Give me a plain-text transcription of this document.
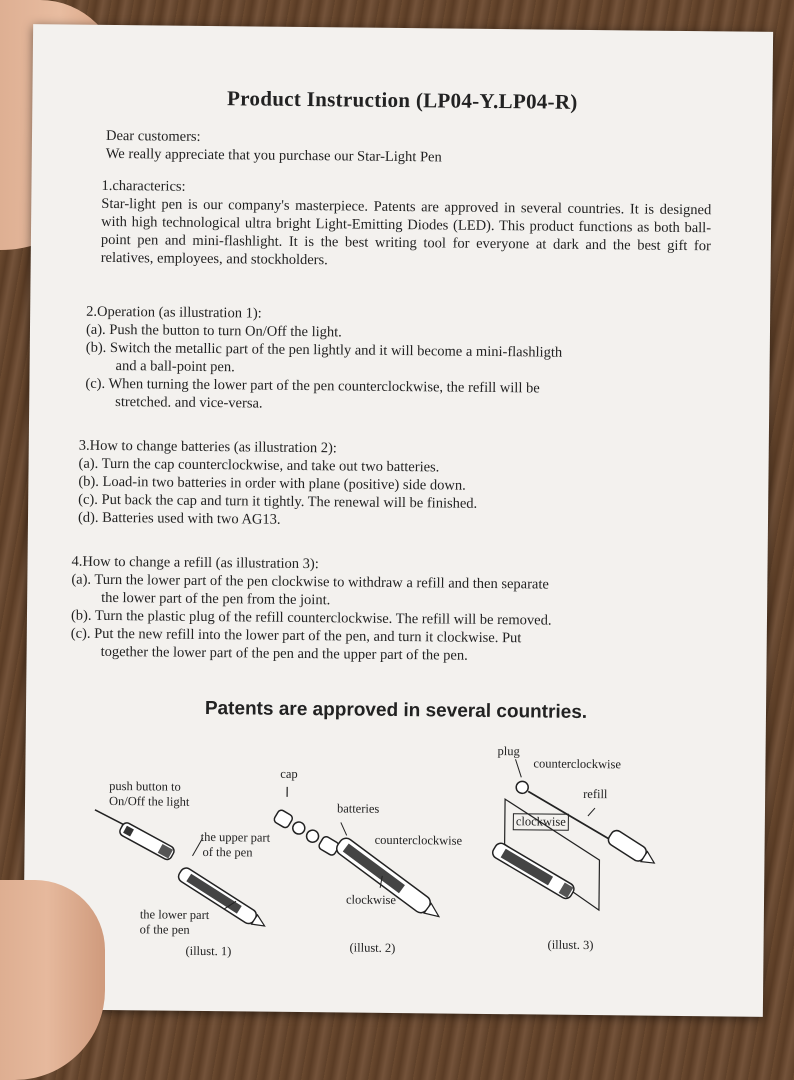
Product Instruction (LP04-Y.LP04-R)

Dear customers:

We really appreciate that you purchase our Star-Light Pen

1.characterics:

Star-light pen is our company's masterpiece. Patents are approved in several countries. It is designed with high technological ultra bright Light-Emitting Diodes (LED). This product functions as both ball-point pen and mini-flashlight. It is the best writing tool for everyone at dark and the best gift for relatives, employees, and stockholders.

2.Operation (as illustration 1):

(a). Push the button to turn On/Off the light.

(b). Switch the metallic part of the pen lightly and it will become a mini-flashligth

and a ball-point pen.

(c). When turning the lower part of the pen counterclockwise, the refill will be

stretched. and vice-versa.

3.How to change batteries (as illustration 2):

(a). Turn the cap counterclockwise, and take out two batteries.

(b). Load-in two batteries in order with plane (positive) side down.

(c). Put back the cap and turn it tightly. The renewal will be finished.

(d). Batteries used with two AG13.

4.How to change a refill (as illustration 3):

(a). Turn the lower part of the pen clockwise to withdraw a refill and then separate

the lower part of the pen from the joint.

(b). Turn the plastic plug of the refill counterclockwise. The refill will be removed.

(c). Put the new refill into the lower part of the pen, and turn it clockwise. Put

together the lower part of the pen and the upper part of the pen.

Patents are approved in several countries.
push button to
On/Off the light
the upper part
of the pen
the lower part
of the pen
(illust. 1)
cap
batteries
counterclockwise
clockwise
(illust. 2)
plug
counterclockwise
refill
clockwise
(illust. 3)
